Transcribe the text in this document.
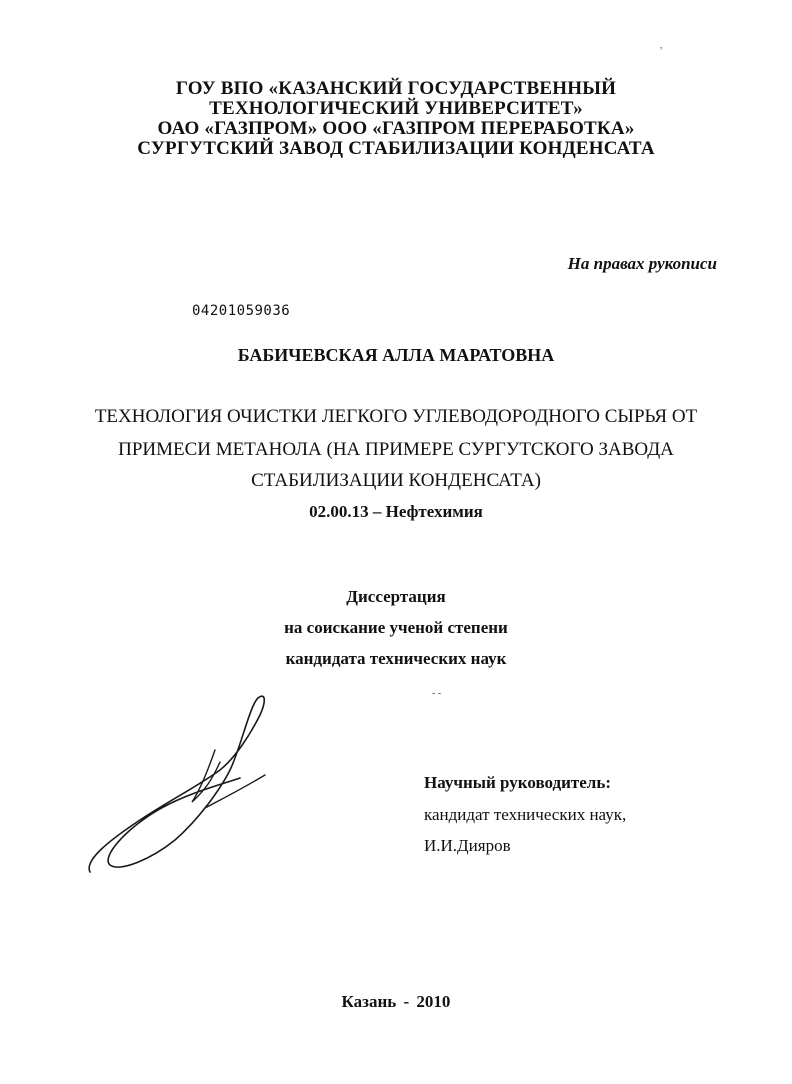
ГОУ ВПО «КАЗАНСКИЙ ГОСУДАРСТВЕННЫЙ
ТЕХНОЛОГИЧЕСКИЙ УНИВЕРСИТЕТ»
ОАО «ГАЗПРОМ» ООО «ГАЗПРОМ ПЕРЕРАБОТКА»
СУРГУТСКИЙ ЗАВОД СТАБИЛИЗАЦИИ КОНДЕНСАТА
На правах рукописи
04201059036
БАБИЧЕВСКАЯ АЛЛА МАРАТОВНА
ТЕХНОЛОГИЯ ОЧИСТКИ ЛЕГКОГО УГЛЕВОДОРОДНОГО СЫРЬЯ ОТ
ПРИМЕСИ МЕТАНОЛА (НА ПРИМЕРЕ СУРГУТСКОГО ЗАВОДА
СТАБИЛИЗАЦИИ КОНДЕНСАТА)
02.00.13 – Нефтехимия
Диссертация
на соискание ученой степени
кандидата технических наук
- -
,
Научный руководитель:
кандидат технических наук,
И.И.Дияров
Казань - 2010
